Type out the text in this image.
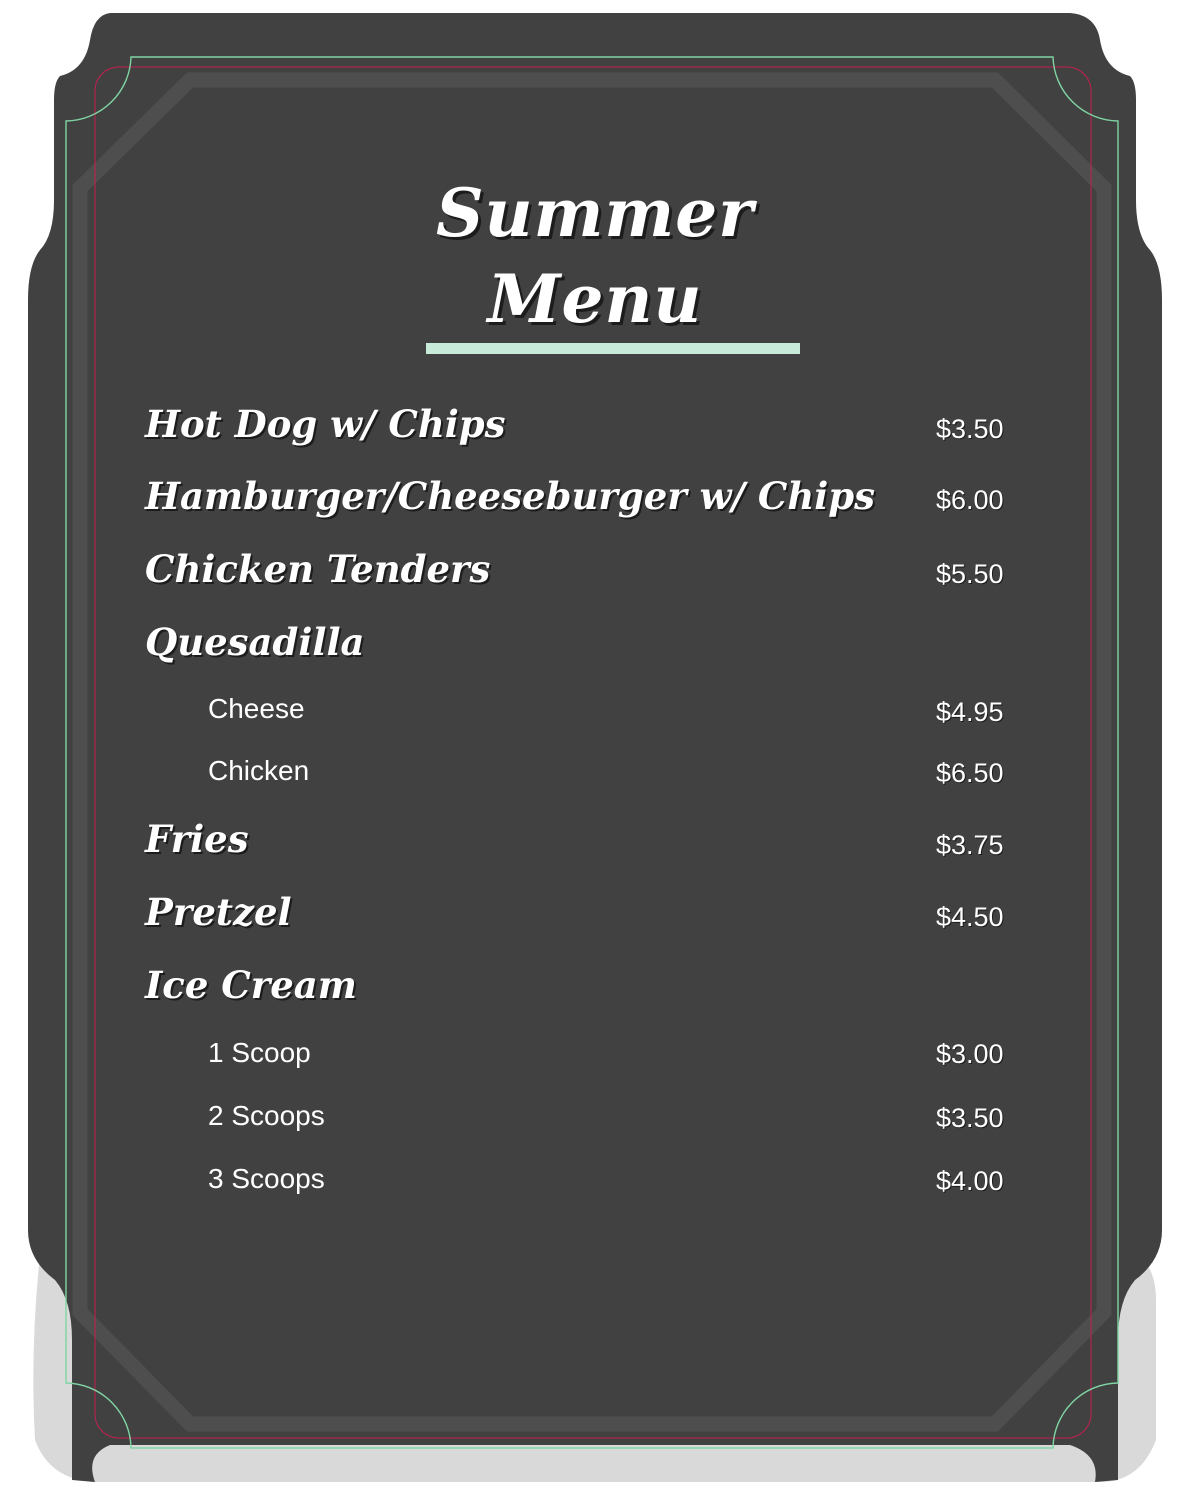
Summer
Menu
Hot Dog w/ Chips	$3.50
Hamburger/Cheeseburger w/ Chips $6.00
Chicken Tenders	$5.50
Quesadilla
Cheese	$4.95
Chicken	$6.50
Fries	$3.75
Pretzel	$4.50
Ice Cream
1 Scoop	$3.00
2 Scoops	$3.50
3 Scoops	$4.00
